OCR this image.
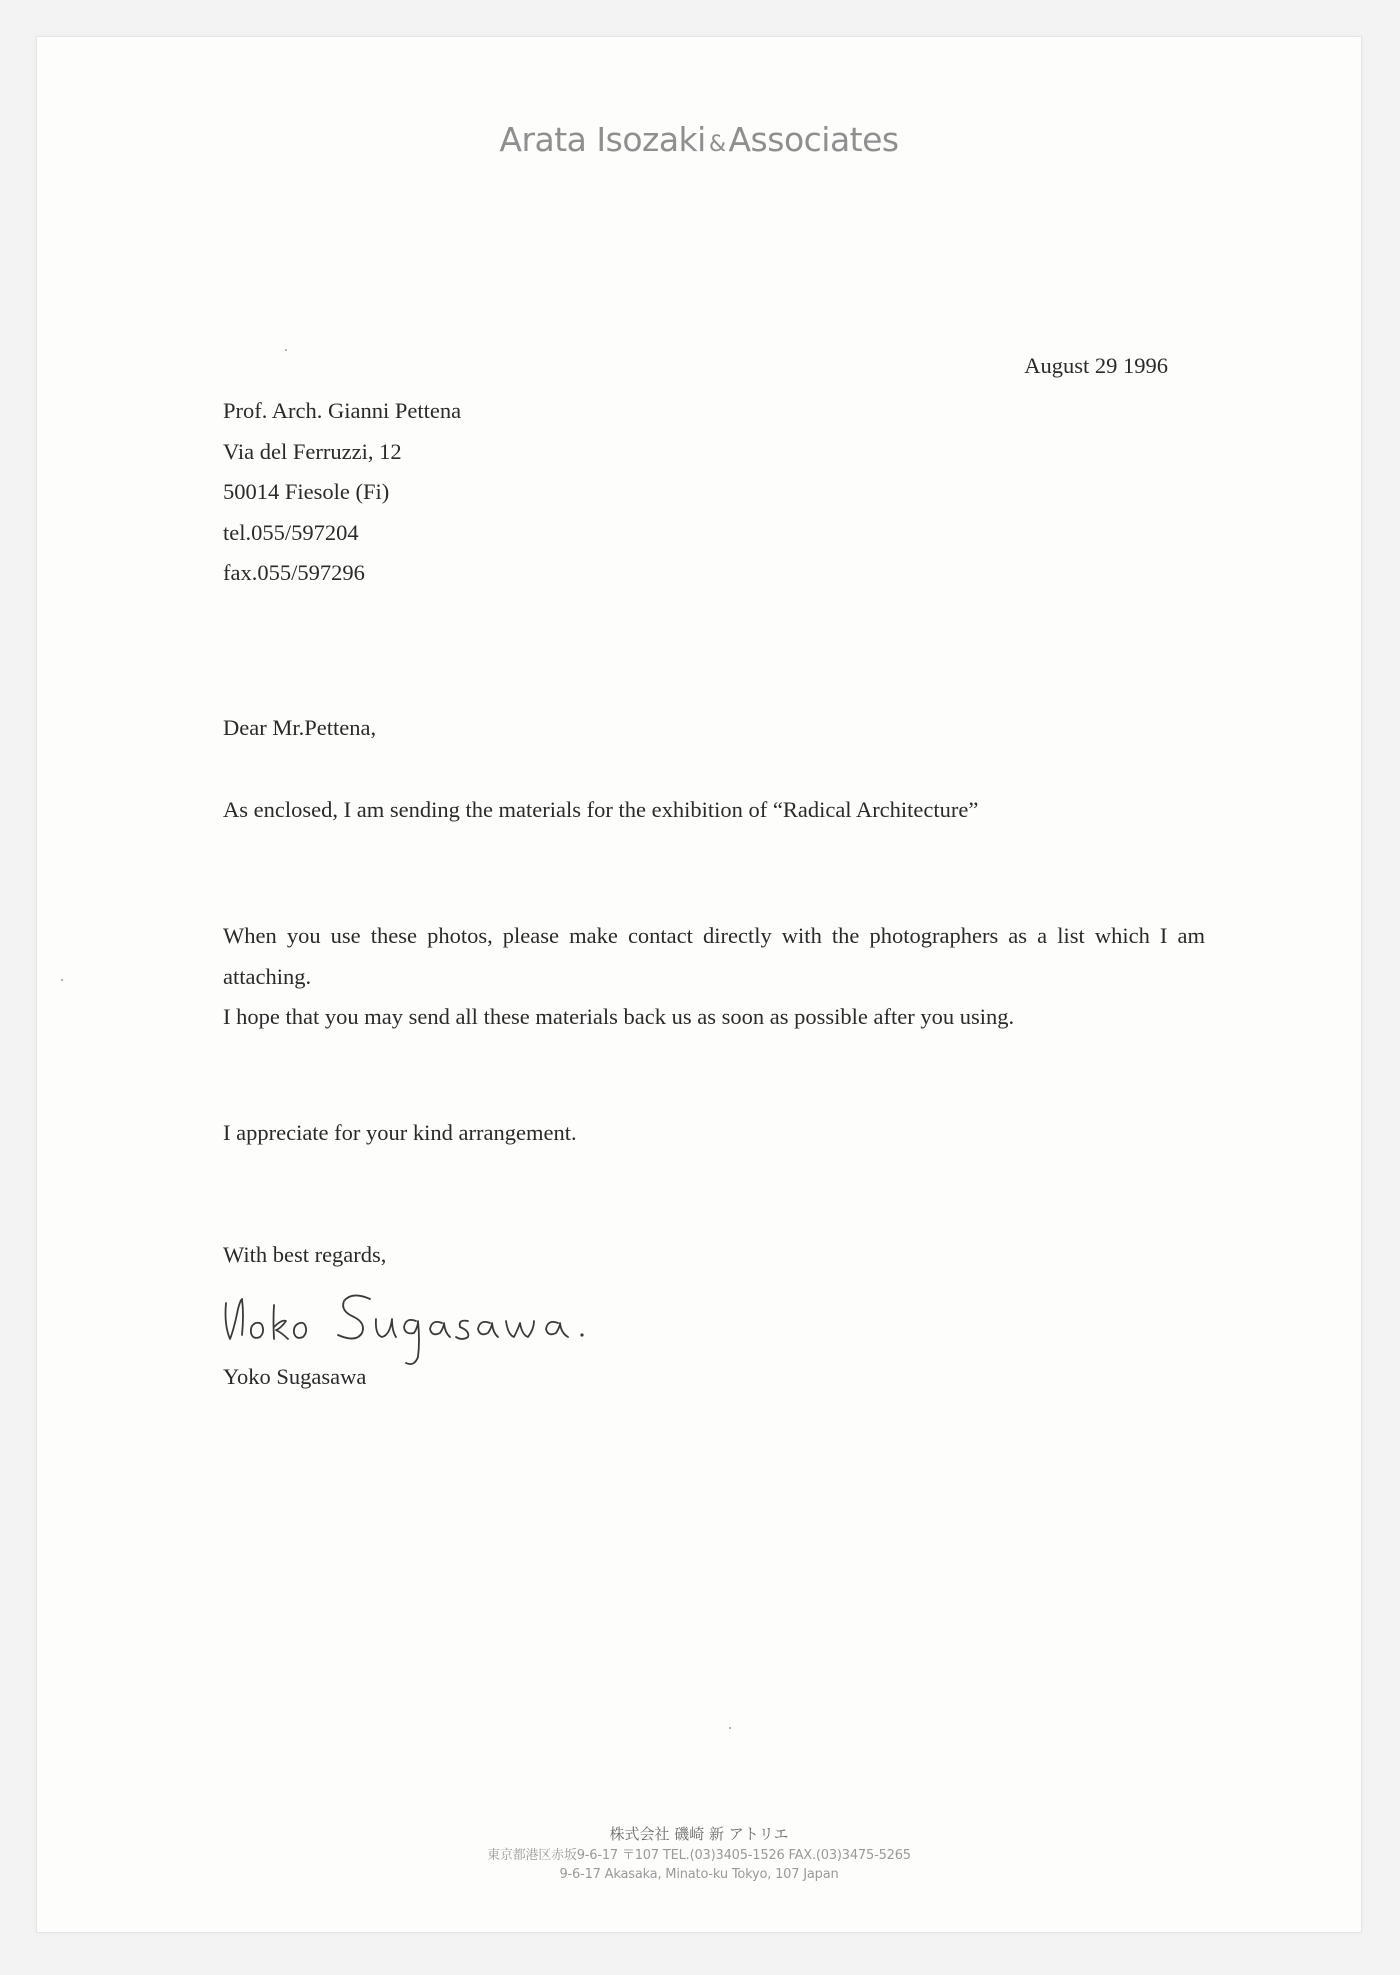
Arata Isozaki &Associates
August 29 1996
Prof. Arch. Gianni Pettena
Via del Ferruzzi, 12
50014 Fiesole (Fi)
tel.055/597204
fax.055/597296
Dear Mr.Pettena,
As enclosed, I am sending the materials for the exhibition of “Radical Architecture”

When you use these photos, please make contact directly with the photographers as a list which I am attaching.

I hope that you may send all these materials back us as soon as possible after you using.

I appreciate for your kind arrangement.
With best regards,
Yoko Sugasawa
株式会社 磯崎 新 アトリエ
東京都港区赤坂9-6-17 〒107 TEL.(03)3405-1526 FAX.(03)3475-5265
9-6-17 Akasaka, Minato-ku Tokyo, 107 Japan
